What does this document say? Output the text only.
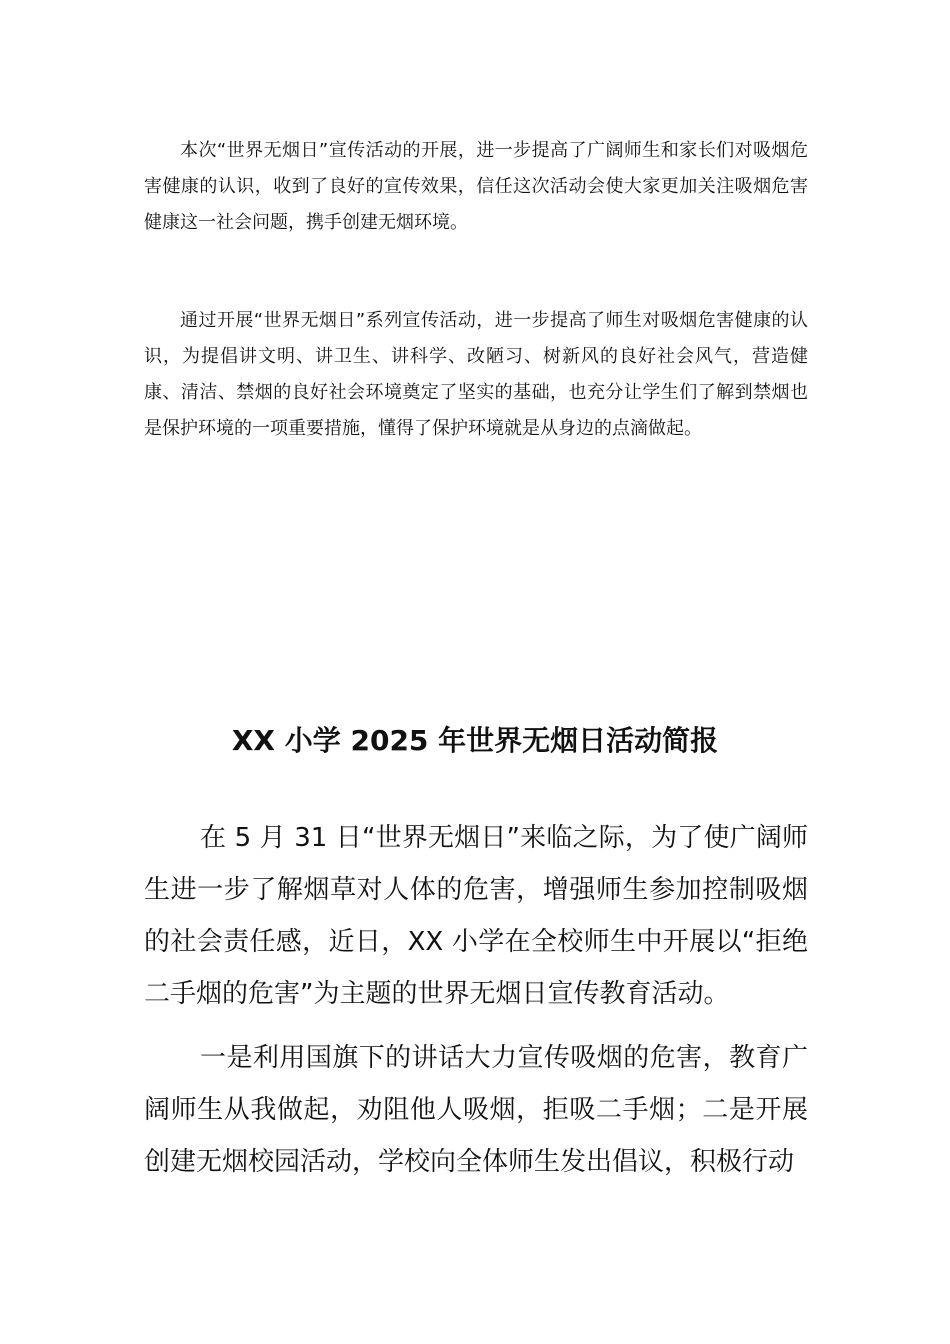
本次“世界无烟日”宣传活动的开展，进一步提高了广阔师生和家长们对吸烟危害健康的认识，收到了良好的宣传效果，信任这次活动会使大家更加关注吸烟危害健康这一社会问题，携手创建无烟环境。

通过开展“世界无烟日”系列宣传活动，进一步提高了师生对吸烟危害健康的认识，为提倡讲文明、讲卫生、讲科学、改陋习、树新风的良好社会风气，营造健康、清洁、禁烟的良好社会环境奠定了坚实的基础，也充分让学生们了解到禁烟也是保护环境的一项重要措施，懂得了保护环境就是从身边的点滴做起。

XX 小学 2025 年世界无烟日活动简报

在 5 月 31 日“世界无烟日”来临之际，为了使广阔师生进一步了解烟草对人体的危害，增强师生参加控制吸烟的社会责任感，近日，XX 小学在全校师生中开展以“拒绝二手烟的危害”为主题的世界无烟日宣传教育活动。

一是利用国旗下的讲话大力宣传吸烟的危害，教育广阔师生从我做起，劝阻他人吸烟，拒吸二手烟；二是开展创建无烟校园活动，学校向全体师生发出倡议，积极行动
